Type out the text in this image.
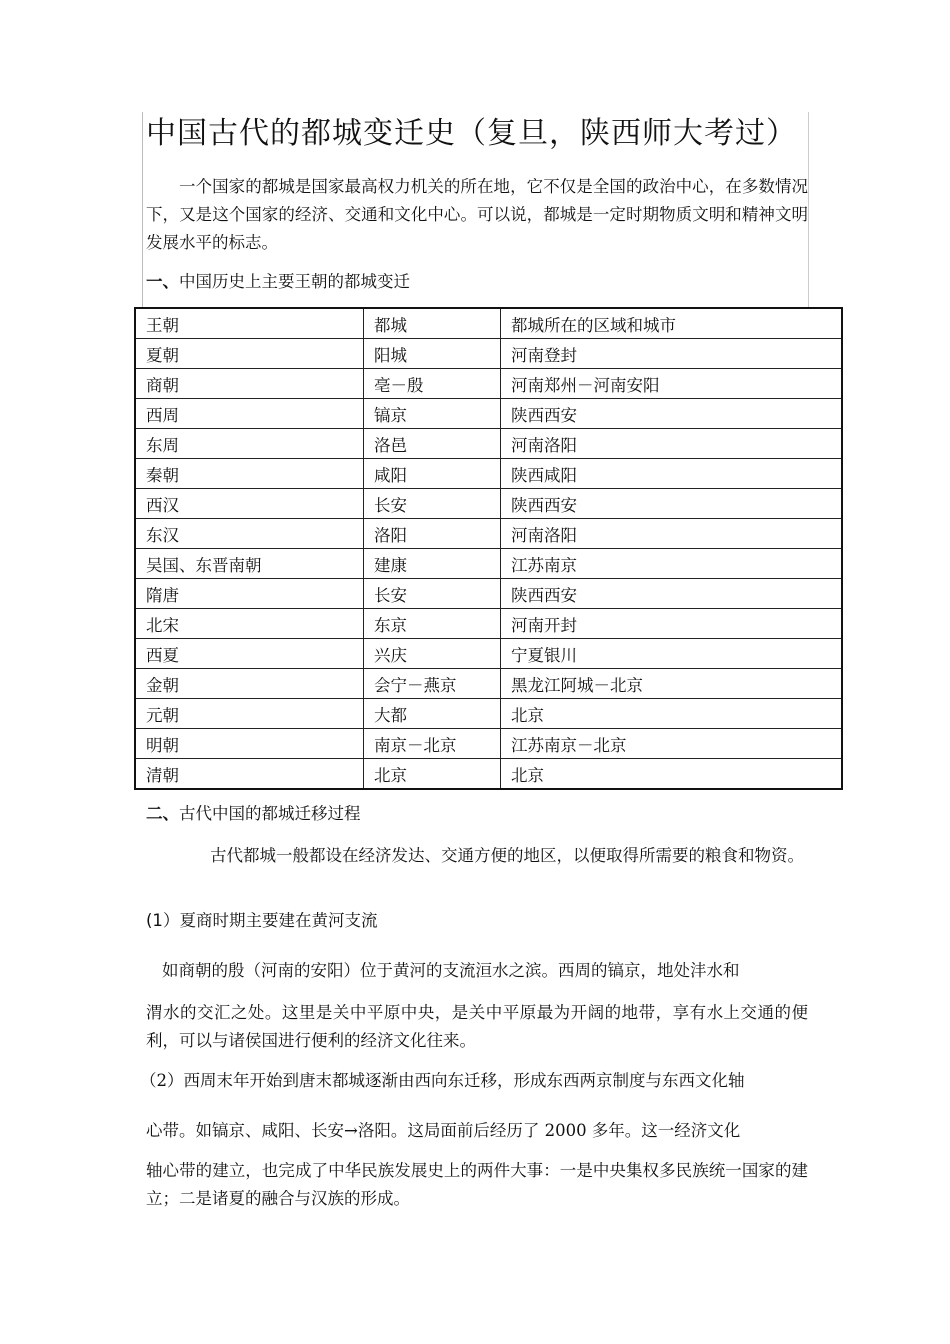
中国古代的都城变迁史（复旦，陕西师大考过）
一个国家的都城是国家最高权力机关的所在地，它不仅是全国的政治中心，在多数情况下，又是这个国家的经济、交通和文化中心。可以说，都城是一定时期物质文明和精神文明发展水平的标志。
一、中国历史上主要王朝的都城变迁
王朝	都城	都城所在的区域和城市
夏朝	阳城	河南登封
商朝	亳－殷	河南郑州－河南安阳
西周	镐京	陕西西安
东周	洛邑	河南洛阳
秦朝	咸阳	陕西咸阳
西汉	长安	陕西西安
东汉	洛阳	河南洛阳
吴国、东晋南朝	建康	江苏南京
隋唐	长安	陕西西安
北宋	东京	河南开封
西夏	兴庆	宁夏银川
金朝	会宁－燕京	黑龙江阿城－北京
元朝	大都	北京
明朝	南京－北京	江苏南京－北京
清朝	北京	北京
二、古代中国的都城迁移过程
古代都城一般都设在经济发达、交通方便的地区，以便取得所需要的粮食和物资。
(1）夏商时期主要建在黄河支流
如商朝的殷（河南的安阳）位于黄河的支流洹水之滨。西周的镐京，地处沣水和
渭水的交汇之处。这里是关中平原中央，是关中平原最为开阔的地带，享有水上交通的便利，可以与诸侯国进行便利的经济文化往来。
（2）西周末年开始到唐末都城逐渐由西向东迁移，形成东西两京制度与东西文化轴
心带。如镐京、咸阳、长安→洛阳。这局面前后经历了 2000 多年。这一经济文化
轴心带的建立，也完成了中华民族发展史上的两件大事：一是中央集权多民族统一国家的建立；二是诸夏的融合与汉族的形成。
